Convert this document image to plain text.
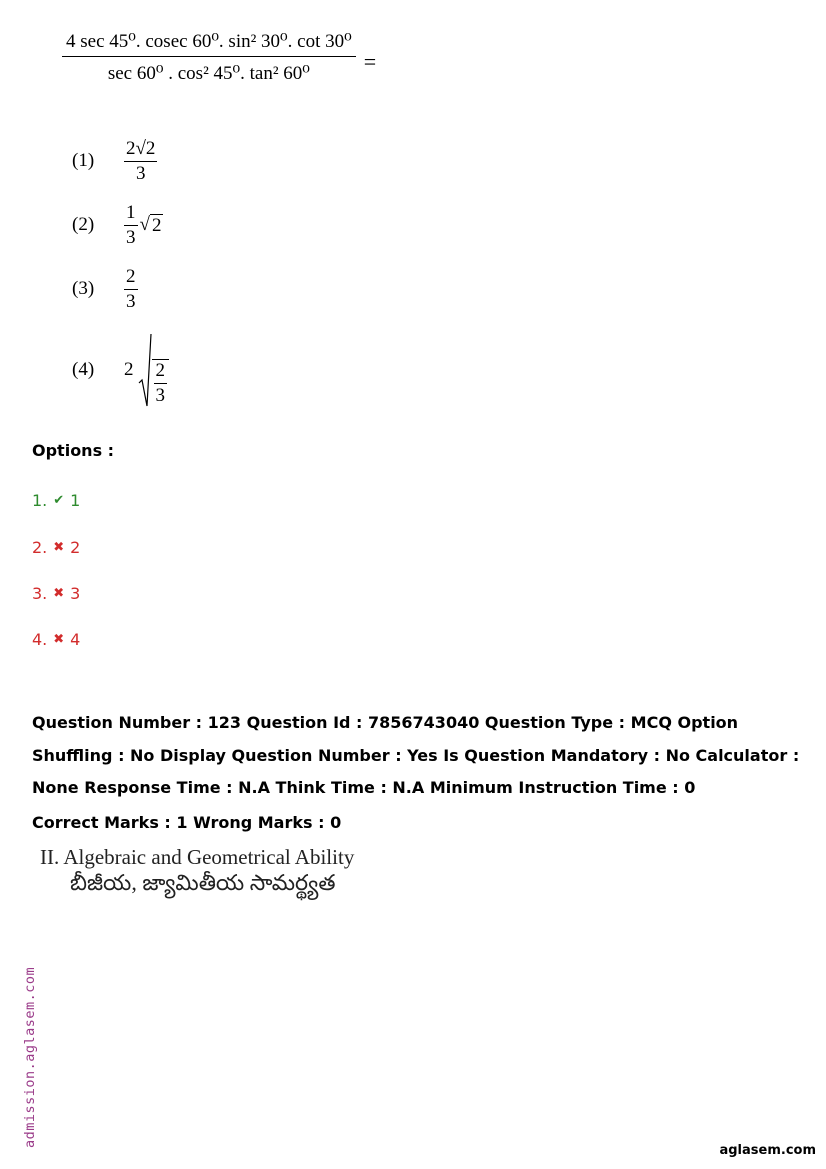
$\frac{\text{4 sec 45⁰. cosec 60⁰. sin² 30⁰. cot 30⁰}}{\text{sec 60⁰ . cos² 45⁰. tan² 60⁰}}$ =
(1)
2√2
3
(2)
1
3
√ 2
(3)
2
3
(4)	$2 \frac{2}{3}$
Options :
1. ✔ 1
2. ✖ 2
3. ✖ 3
4. ✖ 4
Question Number : 123 Question Id : 7856743040 Question Type : MCQ Option Shuffling : No Display Question Number : Yes Is Question Mandatory : No Calculator : None Response Time : N.A Think Time : N.A Minimum Instruction Time : 0
Correct Marks : 1 Wrong Marks : 0
II. Algebraic and Geometrical Ability
బీజీయ, జ్యామితీయ సామర్థ్యత
admission.aglasem.com
aglasem.com
